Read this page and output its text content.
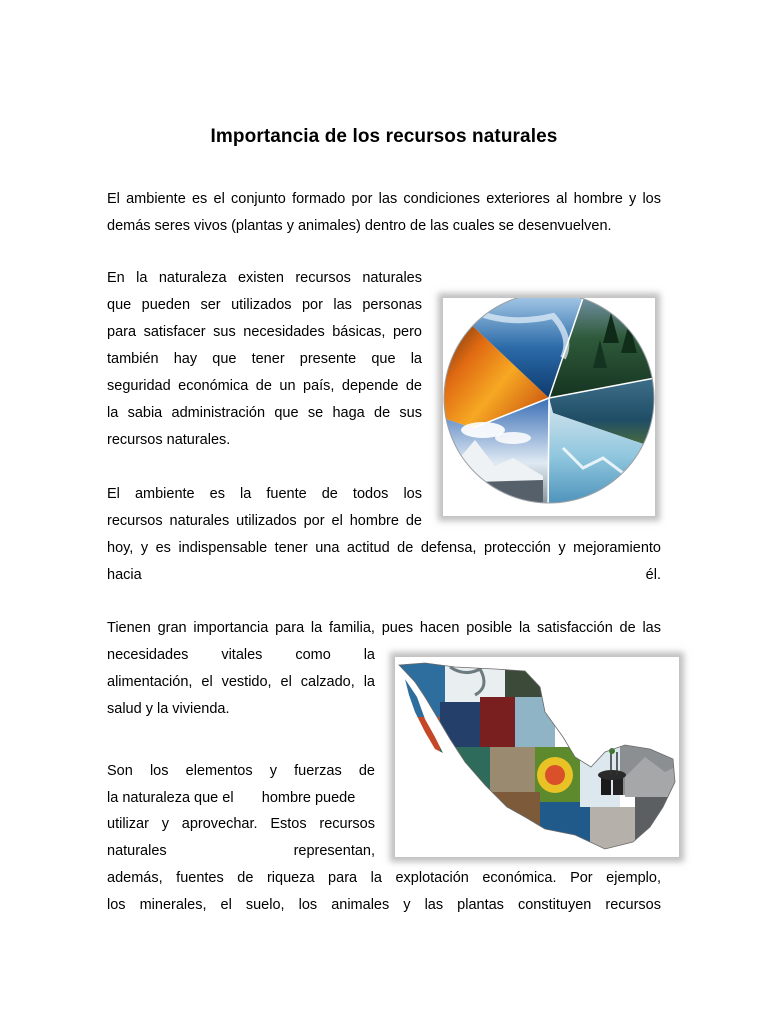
Importancia de los recursos naturales
El ambiente es el conjunto formado por las condiciones exteriores al hombre y los
demás seres vivos (plantas y animales) dentro de las cuales se desenvuelven.
En la naturaleza existen recursos naturales
que pueden ser utilizados por las personas
para satisfacer sus necesidades básicas, pero
también hay que tener presente que la
seguridad económica de un país, depende de
la sabia administración que se haga de sus
recursos naturales.
El ambiente es la fuente de todos los
recursos naturales utilizados por el hombre de
hoy, y es indispensable tener una actitud de defensa, protección y mejoramiento
hacia él.
Tienen gran importancia para la familia, pues hacen posible la satisfacción de las
necesidades vitales como la
alimentación, el vestido, el calzado, la
salud y la vivienda.
Son los elementos y fuerzas de
la naturaleza que el       hombre puede
utilizar y aprovechar. Estos recursos
naturales representan,
además, fuentes de riqueza para la explotación económica. Por ejemplo,
los minerales, el suelo, los animales y las plantas constituyen recursos
